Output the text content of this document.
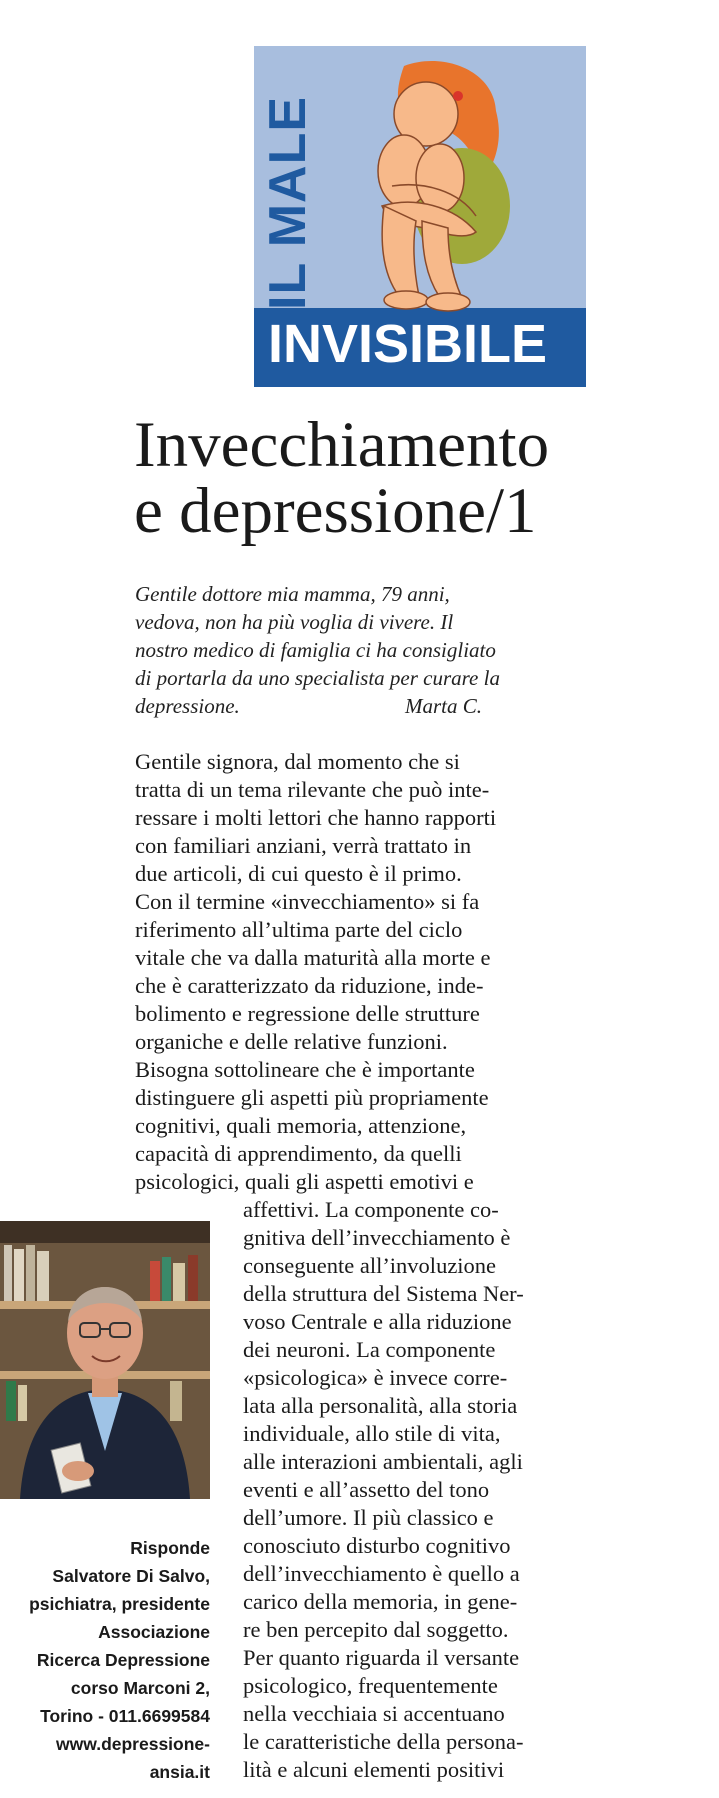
IL MALE
INVISIBILE
Invecchiamento
e depressione/1
Gentile dottore mia mamma, 79 anni,
vedova, non ha più voglia di vivere. Il
nostro medico di famiglia ci ha consigliato
di portarla da uno specialista per curare la
depressione.	Marta C.
Gentile signora, dal momento che si
tratta di un tema rilevante che può inte-
ressare i molti lettori che hanno rapporti
con familiari anziani, verrà trattato in
due articoli, di cui questo è il primo.
Con il termine «invecchiamento» si fa
riferimento all’ultima parte del ciclo
vitale che va dalla maturità alla morte e
che è caratterizzato da riduzione, inde-
bolimento e regressione delle strutture
organiche e delle relative funzioni.
Bisogna sottolineare che è importante
distinguere gli aspetti più propriamente
cognitivi, quali memoria, attenzione,
capacità di apprendimento, da quelli
psicologici, quali gli aspetti emotivi e
affettivi. La componente co-
gnitiva dell’invecchiamento è
conseguente all’involuzione
della struttura del Sistema Ner-
voso Centrale e alla riduzione
dei neuroni. La componente
«psicologica» è invece corre-
lata alla personalità, alla storia
individuale, allo stile di vita,
alle interazioni ambientali, agli
eventi e all’assetto del tono
dell’umore. Il più classico e
conosciuto disturbo cognitivo
dell’invecchiamento è quello a
carico della memoria, in gene-
re ben percepito dal soggetto.
Per quanto riguarda il versante
psicologico, frequentemente
nella vecchiaia si accentuano
le caratteristiche della persona-
lità e alcuni elementi positivi
Risponde
Salvatore Di Salvo,
psichiatra, presidente
Associazione
Ricerca Depressione
corso Marconi 2,
Torino - 011.6699584
www.depressione-
ansia.it
